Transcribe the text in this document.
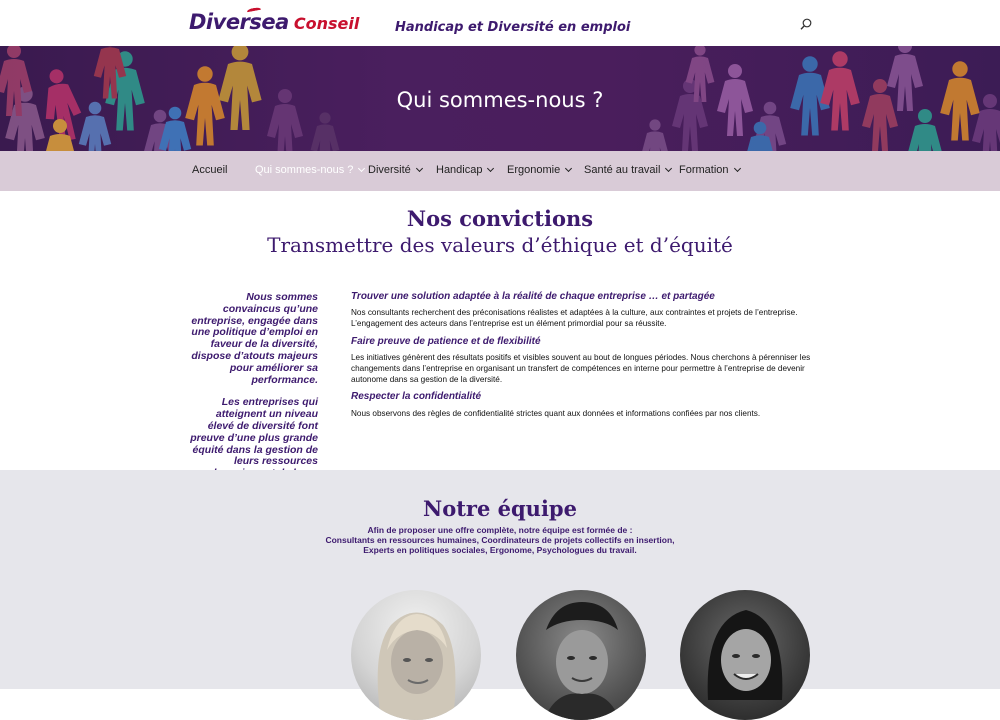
Diversea Conseil	Handicap et Diversité en emploi
Qui sommes-nous ?
Accueil	Qui sommes-nous ? Diversité Handicap Ergonomie Santé au travail Formation
Nos convictions
Transmettre des valeurs d’éthique et d’équité

Nous sommes convaincus qu’une entreprise, engagée dans une politique d’emploi en faveur de la diversité, dispose d’atouts majeurs pour améliorer sa performance.

Les entreprises qui atteignent un niveau élevé de diversité font preuve d’une plus grande équité dans la gestion de leurs ressources

Trouver une solution adaptée à la réalité de chaque entreprise … et partagée

Nos consultants recherchent des préconisations réalistes et adaptées à la culture, aux contraintes et projets de l’entreprise. L’engagement des acteurs dans l’entreprise est un élément primordial pour sa réussite.

Faire preuve de patience et de flexibilité

Les initiatives génèrent des résultats positifs et visibles souvent au bout de longues périodes. Nous cherchons à pérenniser les changements dans l’entreprise en organisant un transfert de compétences en interne pour permettre à l’entreprise de devenir autonome dans sa gestion de la diversité.

Respecter la confidentialité

Nous observons des règles de confidentialité strictes quant aux données et informations confiées par nos clients.

Notre équipe
Afin de proposer une offre complète, notre équipe est formée de :
Consultants en ressources humaines, Coordinateurs de projets collectifs en insertion,
Experts en politiques sociales, Ergonome, Psychologues du travail.
